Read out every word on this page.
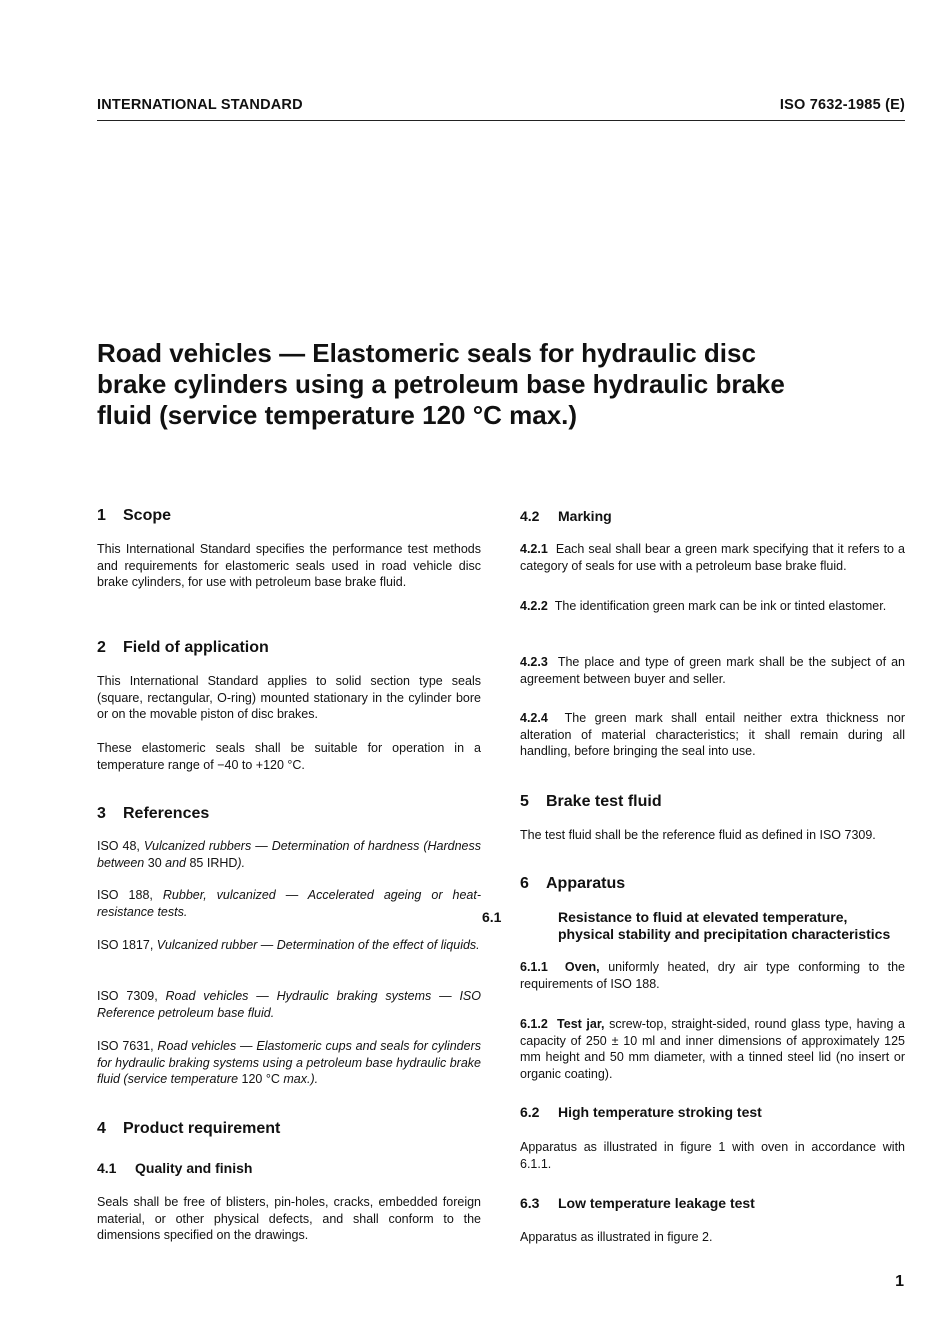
INTERNATIONAL STANDARD	ISO 7632-1985 (E)
Road vehicles — Elastomeric seals for hydraulic disc
brake cylinders using a petroleum base hydraulic brake
fluid (service temperature 120 °C max.)

1 Scope

This International Standard specifies the performance test methods and requirements for elastomeric seals used in road vehicle disc brake cylinders, for use with petroleum base brake fluid.

2 Field of application

This International Standard applies to solid section type seals (square, rectangular, O-ring) mounted stationary in the cylinder bore or on the movable piston of disc brakes.

These elastomeric seals shall be suitable for operation in a temperature range of −40 to +120 °C.

3 References

ISO 48, Vulcanized rubbers — Determination of hardness (Hardness between 30 and 85 IRHD).

ISO 188, Rubber, vulcanized — Accelerated ageing or heat-resistance tests.

ISO 1817, Vulcanized rubber — Determination of the effect of liquids.

ISO 7309, Road vehicles — Hydraulic braking systems — ISO Reference petroleum base fluid.

ISO 7631, Road vehicles — Elastomeric cups and seals for cylinders for hydraulic braking systems using a petroleum base hydraulic brake fluid (service temperature 120 °C max.).

4 Product requirement

4.1 Quality and finish

Seals shall be free of blisters, pin-holes, cracks, embedded foreign material, or other physical defects, and shall conform to the dimensions specified on the drawings.

4.2 Marking

4.2.1 Each seal shall bear a green mark specifying that it refers to a category of seals for use with a petroleum base brake fluid.

4.2.2 The identification green mark can be ink or tinted elastomer.

4.2.3 The place and type of green mark shall be the subject of an agreement between buyer and seller.

4.2.4 The green mark shall entail neither extra thickness nor alteration of material characteristics; it shall remain during all handling, before bringing the seal into use.

5 Brake test fluid

The test fluid shall be the reference fluid as defined in ISO 7309.

6 Apparatus

6.1	Resistance to fluid at elevated temperature, physical stability and precipitation characteristics

6.1.1 Oven, uniformly heated, dry air type conforming to the requirements of ISO 188.

6.1.2 Test jar, screw-top, straight-sided, round glass type, having a capacity of 250 ± 10 ml and inner dimensions of approximately 125 mm height and 50 mm diameter, with a tinned steel lid (no insert or organic coating).

6.2 High temperature stroking test

Apparatus as illustrated in figure 1 with oven in accordance with 6.1.1.

6.3 Low temperature leakage test

Apparatus as illustrated in figure 2.

1
